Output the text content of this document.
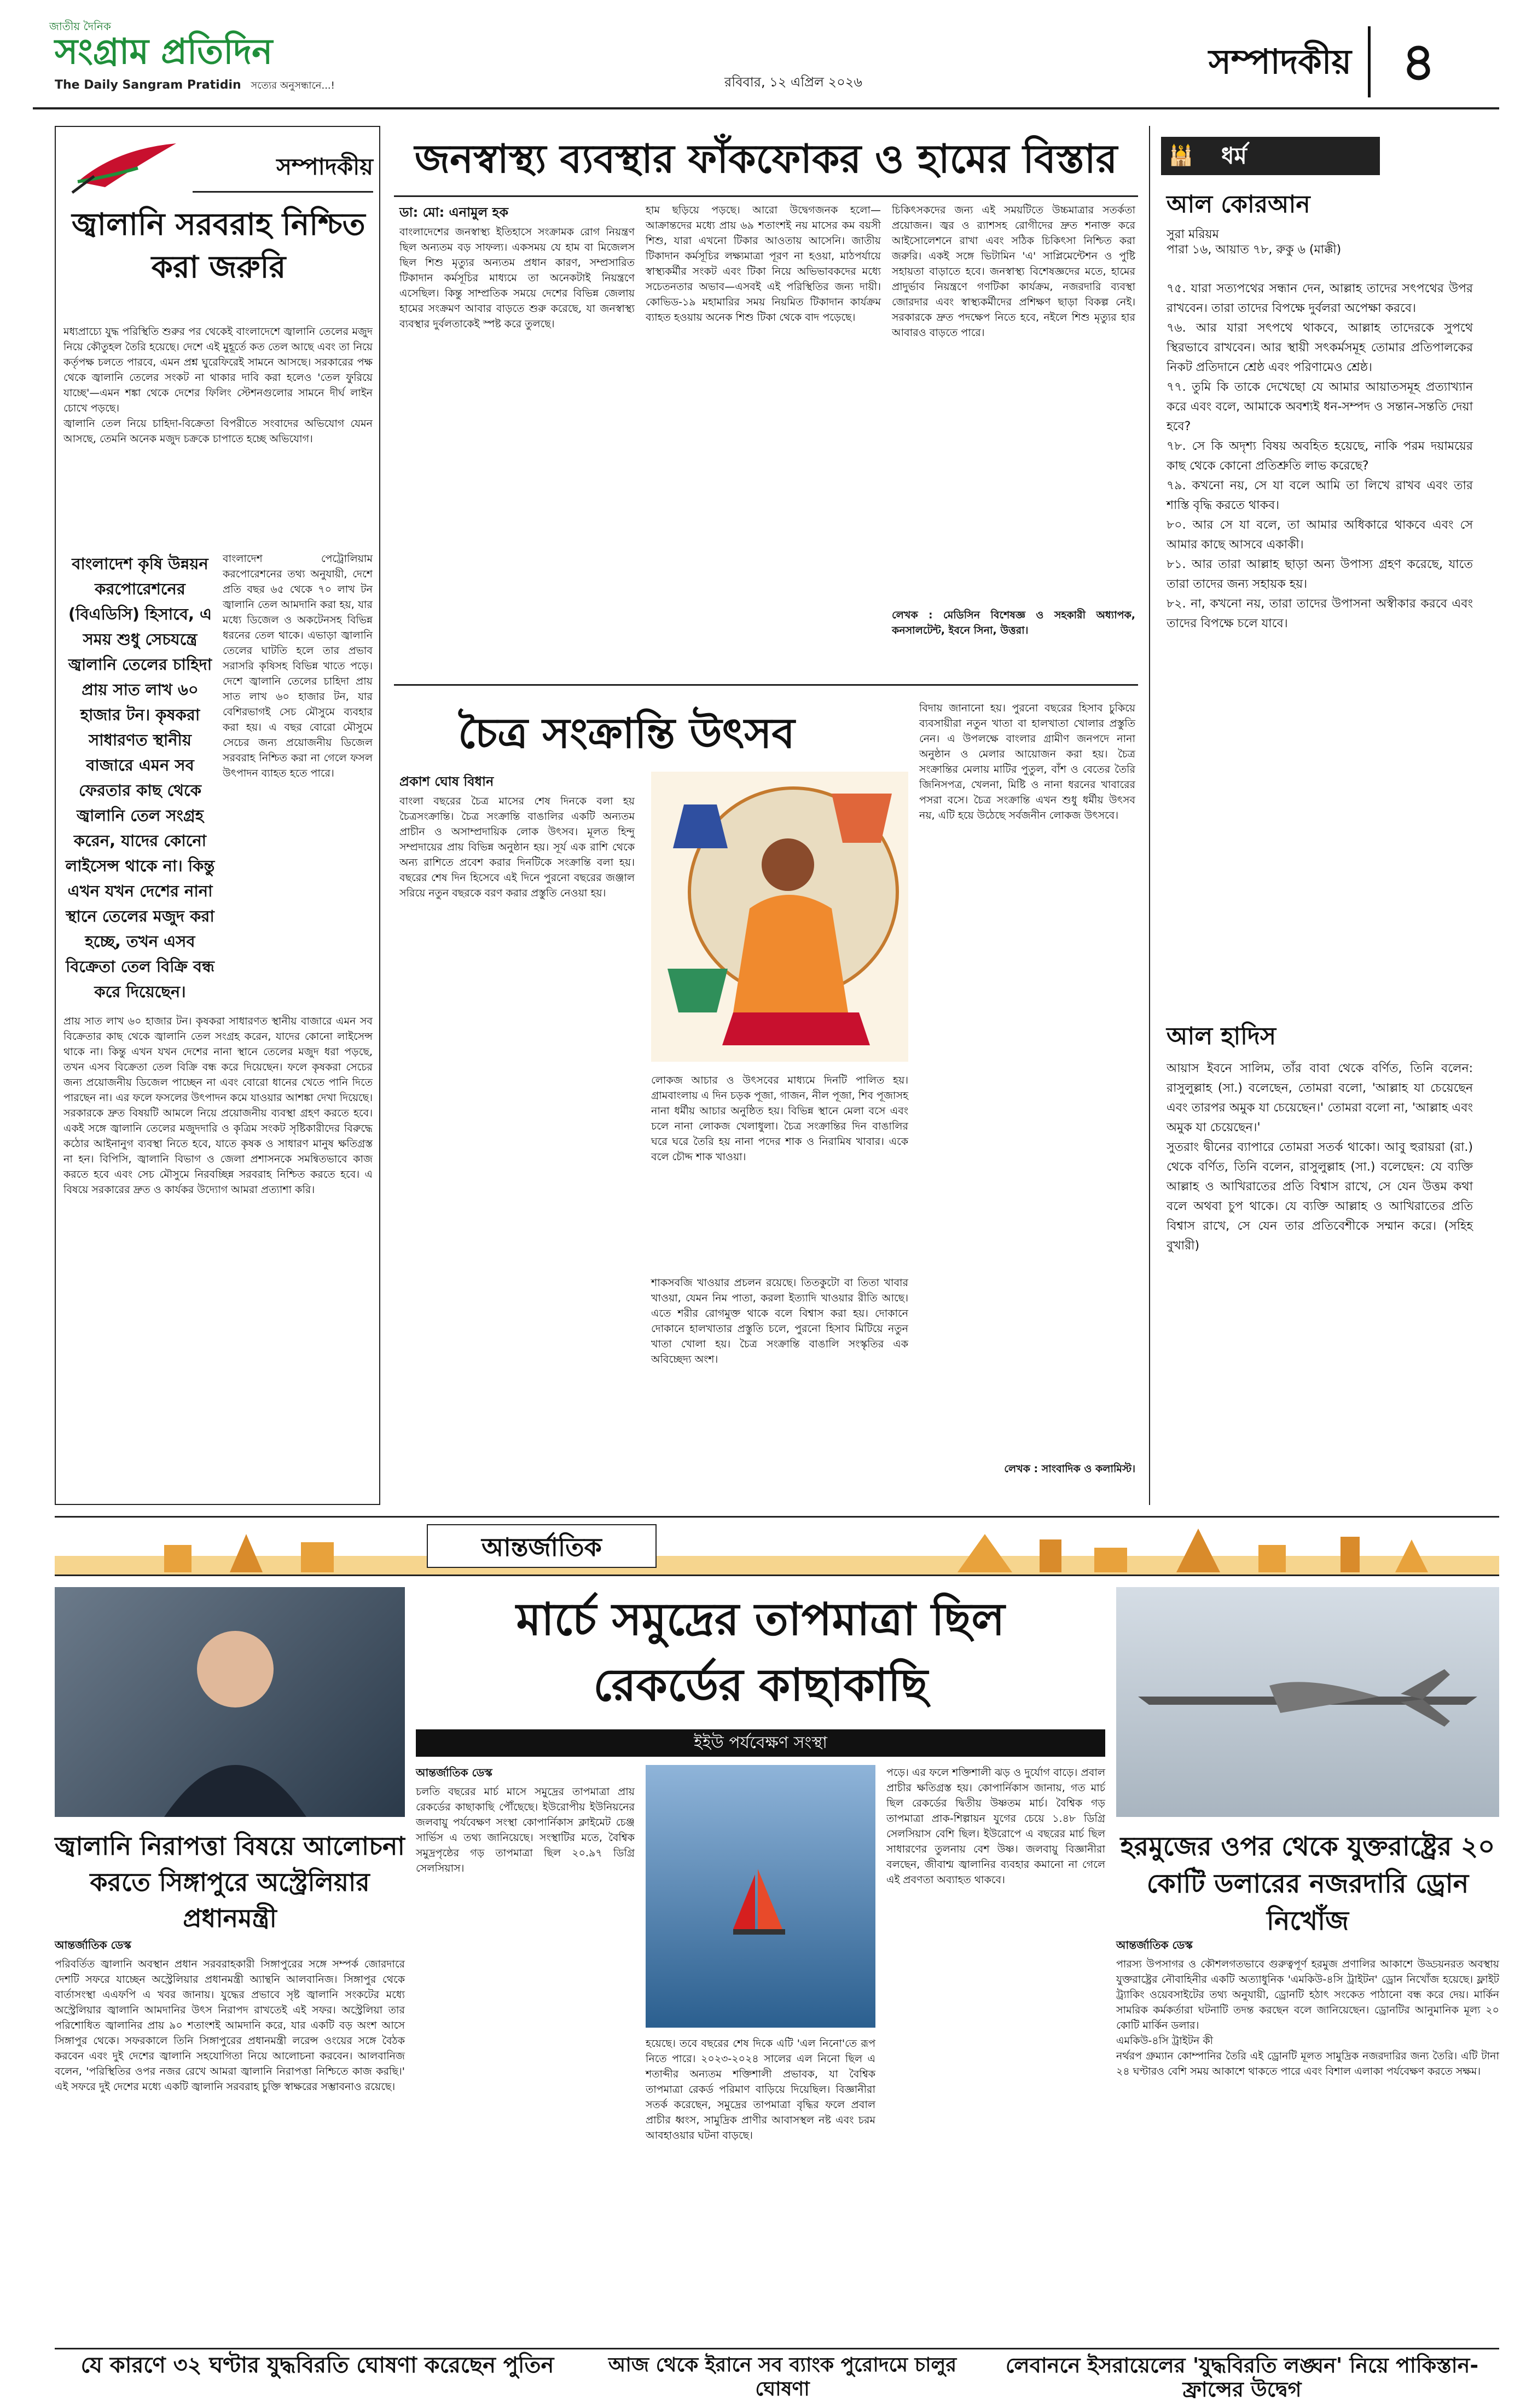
জাতীয় দৈনিক
সংগ্রাম প্রতিদিন
The Daily Sangram Pratidin সত্যের অনুসন্ধানে...!	রবিবার, ১২ এপ্রিল ২০২৬
সম্পাদকীয় ৪
সম্পাদকীয়
জ্বালানি সরবরাহ নিশ্চিত করা জরুরি
মধ্যপ্রাচ্যে যুদ্ধ পরিস্থিতি শুরুর পর থেকেই বাংলাদেশে জ্বালানি তেলের মজুদ নিয়ে কৌতুহল তৈরি হয়েছে। দেশে এই মুহূর্তে কত তেল আছে এবং তা নিয়ে কর্তৃপক্ষ চলতে পারবে, এমন প্রশ্ন ঘুরেফিরেই সামনে আসছে। সরকারের পক্ষ থেকে জ্বালানি তেলের সংকট না থাকার দাবি করা হলেও 'তেল ফুরিয়ে যাচ্ছে'—এমন শঙ্কা থেকে দেশের ফিলিং স্টেশনগুলোর সামনে দীর্ঘ লাইন চোখে পড়ছে।
জ্বালানি তেল নিয়ে চাহিদা-বিক্রেতা বিপরীতে সংবাদের অভিযোগ যেমন আসছে, তেমনি অনেক মজুদ চক্রকে চাপাতে হচ্ছে অভিযোগ।
বাংলাদেশ কৃষি উন্নয়ন করপোরেশনের (বিএডিসি) হিসাবে, এ সময় শুধু সেচযন্ত্রে জ্বালানি তেলের চাহিদা প্রায় সাত লাখ ৬০ হাজার টন। কৃষকরা সাধারণত স্থানীয় বাজারে এমন সব ফেরতার কাছ থেকে জ্বালানি তেল সংগ্রহ করেন, যাদের কোনো লাইসেন্স থাকে না। কিন্তু এখন যখন দেশের নানা স্থানে তেলের মজুদ করা হচ্ছে, তখন এসব বিক্রেতা তেল বিক্রি বন্ধ করে দিয়েছেন।
বাংলাদেশ পেট্রোলিয়াম করপোরেশনের তথ্য অনুযায়ী, দেশে প্রতি বছর ৬৫ থেকে ৭০ লাখ টন জ্বালানি তেল আমদানি করা হয়, যার মধ্যে ডিজেল ও অকটেনসহ বিভিন্ন ধরনের তেল থাকে। এভাড়া জ্বালানি তেলের ঘাটতি হলে তার প্রভাব সরাসরি কৃষিসহ বিভিন্ন খাতে পড়ে। দেশে জ্বালানি তেলের চাহিদা প্রায় সাত লাখ ৬০ হাজার টন, যার বেশিরভাগই সেচ মৌসুমে ব্যবহার করা হয়। এ বছর বোরো মৌসুমে সেচের জন্য প্রয়োজনীয় ডিজেল সরবরাহ নিশ্চিত করা না গেলে ফসল উৎপাদন ব্যাহত হতে পারে।
প্রায় সাত লাখ ৬০ হাজার টন। কৃষকরা সাধারণত স্থানীয় বাজারে এমন সব বিক্রেতার কাছ থেকে জ্বালানি তেল সংগ্রহ করেন, যাদের কোনো লাইসেন্স থাকে না। কিন্তু এখন যখন দেশের নানা স্থানে তেলের মজুদ ধরা পড়ছে, তখন এসব বিক্রেতা তেল বিক্রি বন্ধ করে দিয়েছেন। ফলে কৃষকরা সেচের জন্য প্রয়োজনীয় ডিজেল পাচ্ছেন না এবং বোরো ধানের খেতে পানি দিতে পারছেন না। এর ফলে ফসলের উৎপাদন কমে যাওয়ার আশঙ্কা দেখা দিয়েছে। সরকারকে দ্রুত বিষয়টি আমলে নিয়ে প্রয়োজনীয় ব্যবস্থা গ্রহণ করতে হবে। একই সঙ্গে জ্বালানি তেলের মজুদদারি ও কৃত্রিম সংকট সৃষ্টিকারীদের বিরুদ্ধে কঠোর আইনানুগ ব্যবস্থা নিতে হবে, যাতে কৃষক ও সাধারণ মানুষ ক্ষতিগ্রস্ত না হন। বিপিসি, জ্বালানি বিভাগ ও জেলা প্রশাসনকে সমন্বিতভাবে কাজ করতে হবে এবং সেচ মৌসুমে নিরবচ্ছিন্ন সরবরাহ নিশ্চিত করতে হবে। এ বিষয়ে সরকারের দ্রুত ও কার্যকর উদ্যোগ আমরা প্রত্যাশা করি।
জনস্বাস্থ্য ব্যবস্থার ফাঁকফোকর ও হামের বিস্তার
ডা: মো: এনামুল হক
বাংলাদেশের জনস্বাস্থ্য ইতিহাসে সংক্রামক রোগ নিয়ন্ত্রণ ছিল অন্যতম বড় সাফল্য। একসময় যে হাম বা মিজেলস ছিল শিশু মৃত্যুর অন্যতম প্রধান কারণ, সম্প্রসারিত টিকাদান কর্মসূচির মাধ্যমে তা অনেকটাই নিয়ন্ত্রণে এসেছিল। কিন্তু সাম্প্রতিক সময়ে দেশের বিভিন্ন জেলায় হামের সংক্রমণ আবার বাড়তে শুরু করেছে, যা জনস্বাস্থ্য ব্যবস্থার দুর্বলতাকেই স্পষ্ট করে তুলছে।
হাম ছড়িয়ে পড়ছে। আরো উদ্বেগজনক হলো—আক্রান্তদের মধ্যে প্রায় ৬৯ শতাংশই নয় মাসের কম বয়সী শিশু, যারা এখনো টিকার আওতায় আসেনি। জাতীয় টিকাদান কর্মসূচির লক্ষ্যমাত্রা পূরণ না হওয়া, মাঠপর্যায়ে স্বাস্থ্যকর্মীর সংকট এবং টিকা নিয়ে অভিভাবকদের মধ্যে সচেতনতার অভাব—এসবই এই পরিস্থিতির জন্য দায়ী। কোভিড-১৯ মহামারির সময় নিয়মিত টিকাদান কার্যক্রম ব্যাহত হওয়ায় অনেক শিশু টিকা থেকে বাদ পড়েছে।
চিকিৎসকদের জন্য এই সময়টিতে উচ্চমাত্রার সতর্কতা প্রয়োজন। জ্বর ও র‍্যাশসহ রোগীদের দ্রুত শনাক্ত করে আইসোলেশনে রাখা এবং সঠিক চিকিৎসা নিশ্চিত করা জরুরি। একই সঙ্গে ভিটামিন 'এ' সাপ্লিমেন্টেশন ও পুষ্টি সহায়তা বাড়াতে হবে। জনস্বাস্থ্য বিশেষজ্ঞদের মতে, হামের প্রাদুর্ভাব নিয়ন্ত্রণে গণটিকা কার্যক্রম, নজরদারি ব্যবস্থা জোরদার এবং স্বাস্থ্যকর্মীদের প্রশিক্ষণ ছাড়া বিকল্প নেই। সরকারকে দ্রুত পদক্ষেপ নিতে হবে, নইলে শিশু মৃত্যুর হার আবারও বাড়তে পারে।
লেখক : মেডিসিন বিশেষজ্ঞ ও সহকারী অধ্যাপক, কনসালটেন্ট, ইবনে সিনা, উত্তরা।
🕌	ধর্ম
আল কোরআন
সুরা মরিয়ম
পারা ১৬, আয়াত ৭৮, রুকু ৬ (মাক্কী)
৭৫. যারা সত্যপথের সন্ধান দেন, আল্লাহ তাদের সৎপথের উপর রাখবেন। তারা তাদের বিপক্ষে দুর্বলরা অপেক্ষা করবে।
৭৬. আর যারা সৎপথে থাকবে, আল্লাহ তাদেরকে সুপথে স্থিরভাবে রাখবেন। আর স্থায়ী সৎকর্মসমূহ তোমার প্রতিপালকের নিকট প্রতিদানে শ্রেষ্ঠ এবং পরিণামেও শ্রেষ্ঠ।
৭৭. তুমি কি তাকে দেখেছো যে আমার আয়াতসমূহ প্রত্যাখ্যান করে এবং বলে, আমাকে অবশ্যই ধন-সম্পদ ও সন্তান-সন্ততি দেয়া হবে?
৭৮. সে কি অদৃশ্য বিষয় অবহিত হয়েছে, নাকি পরম দয়াময়ের কাছ থেকে কোনো প্রতিশ্রুতি লাভ করেছে?
৭৯. কখনো নয়, সে যা বলে আমি তা লিখে রাখব এবং তার শাস্তি বৃদ্ধি করতে থাকব।
৮০. আর সে যা বলে, তা আমার অধিকারে থাকবে এবং সে আমার কাছে আসবে একাকী।
৮১. আর তারা আল্লাহ ছাড়া অন্য উপাস্য গ্রহণ করেছে, যাতে তারা তাদের জন্য সহায়ক হয়।
৮২. না, কখনো নয়, তারা তাদের উপাসনা অস্বীকার করবে এবং তাদের বিপক্ষে চলে যাবে।
আল হাদিস
আয়াস ইবনে সালিম, তাঁর বাবা থেকে বর্ণিত, তিনি বলেন: রাসুলুল্লাহ (সা.) বলেছেন, তোমরা বলো, 'আল্লাহ যা চেয়েছেন এবং তারপর অমুক যা চেয়েছেন।' তোমরা বলো না, 'আল্লাহ এবং অমুক যা চেয়েছেন।'
সুতরাং দ্বীনের ব্যাপারে তোমরা সতর্ক থাকো। আবু হুরায়রা (রা.) থেকে বর্ণিত, তিনি বলেন, রাসুলুল্লাহ (সা.) বলেছেন: যে ব্যক্তি আল্লাহ ও আখিরাতের প্রতি বিশ্বাস রাখে, সে যেন উত্তম কথা বলে অথবা চুপ থাকে। যে ব্যক্তি আল্লাহ ও আখিরাতের প্রতি বিশ্বাস রাখে, সে যেন তার প্রতিবেশীকে সম্মান করে। (সহিহ বুখারী)
চৈত্র সংক্রান্তি উৎসব
প্রকাশ ঘোষ বিধান
বাংলা বছরের চৈত্র মাসের শেষ দিনকে বলা হয় চৈত্রসংক্রান্তি। চৈত্র সংক্রান্তি বাঙালির একটি অন্যতম প্রাচীন ও অসাম্প্রদায়িক লোক উৎসব। মূলত হিন্দু সম্প্রদায়ের প্রায় বিভিন্ন অনুষ্ঠান হয়। সূর্য এক রাশি থেকে অন্য রাশিতে প্রবেশ করার দিনটিকে সংক্রান্তি বলা হয়। বছরের শেষ দিন হিসেবে এই দিনে পুরনো বছরের জঞ্জাল সরিয়ে নতুন বছরকে বরণ করার প্রস্তুতি নেওয়া হয়।
লোকজ আচার ও উৎসবের মাধ্যমে দিনটি পালিত হয়। গ্রামবাংলায় এ দিন চড়ক পূজা, গাজন, নীল পূজা, শিব পূজাসহ নানা ধর্মীয় আচার অনুষ্ঠিত হয়। বিভিন্ন স্থানে মেলা বসে এবং চলে নানা লোকজ খেলাধুলা। চৈত্র সংক্রান্তির দিন বাঙালির ঘরে ঘরে তৈরি হয় নানা পদের শাক ও নিরামিষ খাবার। একে বলে চৌদ্দ শাক খাওয়া।
শাকসবজি খাওয়ার প্রচলন রয়েছে। তিতকুটো বা তিতা খাবার খাওয়া, যেমন নিম পাতা, করলা ইত্যাদি খাওয়ার রীতি আছে। এতে শরীর রোগমুক্ত থাকে বলে বিশ্বাস করা হয়। দোকানে দোকানে হালখাতার প্রস্তুতি চলে, পুরনো হিসাব মিটিয়ে নতুন খাতা খোলা হয়। চৈত্র সংক্রান্তি বাঙালি সংস্কৃতির এক অবিচ্ছেদ্য অংশ।
বিদায় জানানো হয়। পুরনো বছরের হিসাব চুকিয়ে ব্যবসায়ীরা নতুন খাতা বা হালখাতা খোলার প্রস্তুতি নেন। এ উপলক্ষে বাংলার গ্রামীণ জনপদে নানা অনুষ্ঠান ও মেলার আয়োজন করা হয়। চৈত্র সংক্রান্তির মেলায় মাটির পুতুল, বাঁশ ও বেতের তৈরি জিনিসপত্র, খেলনা, মিষ্টি ও নানা ধরনের খাবারের পসরা বসে। চৈত্র সংক্রান্তি এখন শুধু ধর্মীয় উৎসব নয়, এটি হয়ে উঠেছে সর্বজনীন লোকজ উৎসবে।
লেখক : সাংবাদিক ও কলামিস্ট।
আন্তর্জাতিক
জ্বালানি নিরাপত্তা বিষয়ে আলোচনা করতে সিঙ্গাপুরে অস্ট্রেলিয়ার প্রধানমন্ত্রী
আন্তর্জাতিক ডেস্ক
পরিবর্তিত জ্বালানি অবস্থান প্রধান সরবরাহকারী সিঙ্গাপুরের সঙ্গে সম্পর্ক জোরদারে দেশটি সফরে যাচ্ছেন অস্ট্রেলিয়ার প্রধানমন্ত্রী অ্যান্থনি আলবানিজ। সিঙ্গাপুর থেকে বার্তাসংস্থা এএফপি এ খবর জানায়। যুদ্ধের প্রভাবে সৃষ্ট জ্বালানি সংকটের মধ্যে অস্ট্রেলিয়ার জ্বালানি আমদানির উৎস নিরাপদ রাখতেই এই সফর। অস্ট্রেলিয়া তার পরিশোধিত জ্বালানির প্রায় ৯০ শতাংশই আমদানি করে, যার একটি বড় অংশ আসে সিঙ্গাপুর থেকে। সফরকালে তিনি সিঙ্গাপুরের প্রধানমন্ত্রী লরেন্স ওংয়ের সঙ্গে বৈঠক করবেন এবং দুই দেশের জ্বালানি সহযোগিতা নিয়ে আলোচনা করবেন। আলবানিজ বলেন, 'পরিস্থিতির ওপর নজর রেখে আমরা জ্বালানি নিরাপত্তা নিশ্চিতে কাজ করছি।' এই সফরে দুই দেশের মধ্যে একটি জ্বালানি সরবরাহ চুক্তি স্বাক্ষরের সম্ভাবনাও রয়েছে।
মার্চে সমুদ্রের তাপমাত্রা ছিল রেকর্ডের কাছাকাছি
ইইউ পর্যবেক্ষণ সংস্থা
আন্তর্জাতিক ডেস্ক
চলতি বছরের মার্চ মাসে সমুদ্রের তাপমাত্রা প্রায় রেকর্ডের কাছাকাছি পৌঁছেছে। ইউরোপীয় ইউনিয়নের জলবায়ু পর্যবেক্ষণ সংস্থা কোপার্নিকাস ক্লাইমেট চেঞ্জ সার্ভিস এ তথ্য জানিয়েছে। সংস্থাটির মতে, বৈশ্বিক সমুদ্রপৃষ্ঠের গড় তাপমাত্রা ছিল ২০.৯৭ ডিগ্রি সেলসিয়াস।
হয়েছে। তবে বছরের শেষ দিকে এটি 'এল নিনো'তে রূপ নিতে পারে। ২০২৩-২০২৪ সালের এল নিনো ছিল এ শতাব্দীর অন্যতম শক্তিশালী প্রভাবক, যা বৈশ্বিক তাপমাত্রা রেকর্ড পরিমাণ বাড়িয়ে দিয়েছিল। বিজ্ঞানীরা সতর্ক করেছেন, সমুদ্রের তাপমাত্রা বৃদ্ধির ফলে প্রবাল প্রাচীর ধ্বংস, সামুদ্রিক প্রাণীর আবাসস্থল নষ্ট এবং চরম আবহাওয়ার ঘটনা বাড়ছে।
পড়ে। এর ফলে শক্তিশালী ঝড় ও দুর্যোগ বাড়ে। প্রবাল প্রাচীর ক্ষতিগ্রস্ত হয়। কোপার্নিকাস জানায়, গত মার্চ ছিল রেকর্ডের দ্বিতীয় উষ্ণতম মার্চ। বৈশ্বিক গড় তাপমাত্রা প্রাক-শিল্পায়ন যুগের চেয়ে ১.৪৮ ডিগ্রি সেলসিয়াস বেশি ছিল। ইউরোপে এ বছরের মার্চ ছিল সাধারণের তুলনায় বেশ উষ্ণ। জলবায়ু বিজ্ঞানীরা বলছেন, জীবাশ্ম জ্বালানির ব্যবহার কমানো না গেলে এই প্রবণতা অব্যাহত থাকবে।
হরমুজের ওপর থেকে যুক্তরাষ্ট্রের ২০ কোটি ডলারের নজরদারি ড্রোন নিখোঁজ
আন্তর্জাতিক ডেস্ক
পারস্য উপসাগর ও কৌশলগতভাবে গুরুত্বপূর্ণ হরমুজ প্রণালির আকাশে উড্ডয়নরত অবস্থায় যুক্তরাষ্ট্রের নৌবাহিনীর একটি অত্যাধুনিক 'এমকিউ-৪সি ট্রাইটন' ড্রোন নিখোঁজ হয়েছে। ফ্লাইট ট্র্যাকিং ওয়েবসাইটের তথ্য অনুযায়ী, ড্রোনটি হঠাৎ সংকেত পাঠানো বন্ধ করে দেয়। মার্কিন সামরিক কর্মকর্তারা ঘটনাটি তদন্ত করছেন বলে জানিয়েছেন। ড্রোনটির আনুমানিক মূল্য ২০ কোটি মার্কিন ডলার।
এমকিউ-৪সি ট্রাইটন কী
নর্থরপ গ্রুম্যান কোম্পানির তৈরি এই ড্রোনটি মূলত সামুদ্রিক নজরদারির জন্য তৈরি। এটি টানা ২৪ ঘণ্টারও বেশি সময় আকাশে থাকতে পারে এবং বিশাল এলাকা পর্যবেক্ষণ করতে সক্ষম।
যে কারণে ৩২ ঘণ্টার যুদ্ধবিরতি ঘোষণা করেছেন পুতিন	আজ থেকে ইরানে সব ব্যাংক পুরোদমে চালুর ঘোষণা
লেবাননে ইসরায়েলের 'যুদ্ধবিরতি লঙ্ঘন' নিয়ে পাকিস্তান-ফ্রান্সের উদ্বেগ
